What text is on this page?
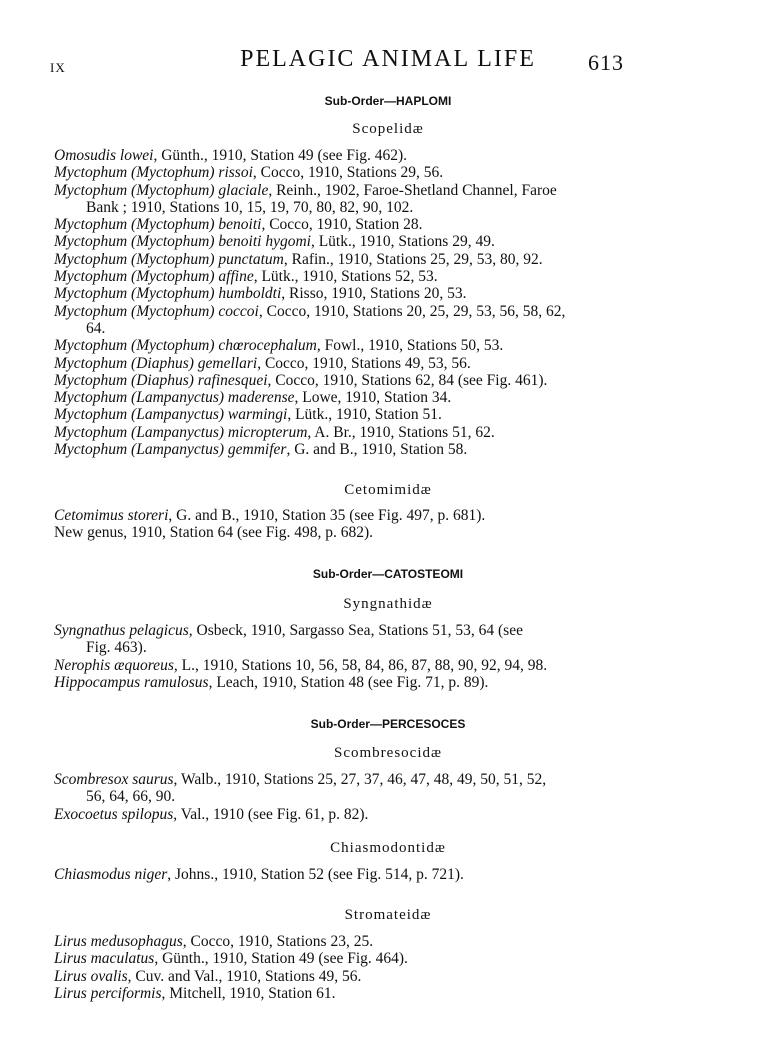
IX	PELAGIC ANIMAL LIFE	613
Sub-Order—HAPLOMI
Scopelidæ
Omosudis lowei, Günth., 1910, Station 49 (see Fig. 462).
Myctophum (Myctophum) rissoi, Cocco, 1910, Stations 29, 56.
Myctophum (Myctophum) glaciale, Reinh., 1902, Faroe-Shetland Channel, Faroe
Bank ; 1910, Stations 10, 15, 19, 70, 80, 82, 90, 102.
Myctophum (Myctophum) benoiti, Cocco, 1910, Station 28.
Myctophum (Myctophum) benoiti hygomi, Lütk., 1910, Stations 29, 49.
Myctophum (Myctophum) punctatum, Rafin., 1910, Stations 25, 29, 53, 80, 92.
Myctophum (Myctophum) affine, Lütk., 1910, Stations 52, 53.
Myctophum (Myctophum) humboldti, Risso, 1910, Stations 20, 53.
Myctophum (Myctophum) coccoi, Cocco, 1910, Stations 20, 25, 29, 53, 56, 58, 62,
64.
Myctophum (Myctophum) chœrocephalum, Fowl., 1910, Stations 50, 53.
Myctophum (Diaphus) gemellari, Cocco, 1910, Stations 49, 53, 56.
Myctophum (Diaphus) rafinesquei, Cocco, 1910, Stations 62, 84 (see Fig. 461).
Myctophum (Lampanyctus) maderense, Lowe, 1910, Station 34.
Myctophum (Lampanyctus) warmingi, Lütk., 1910, Station 51.
Myctophum (Lampanyctus) micropterum, A. Br., 1910, Stations 51, 62.
Myctophum (Lampanyctus) gemmifer, G. and B., 1910, Station 58.
Cetomimidæ
Cetomimus storeri, G. and B., 1910, Station 35 (see Fig. 497, p. 681).
New genus, 1910, Station 64 (see Fig. 498, p. 682).
Sub-Order—CATOSTEOMI
Syngnathidæ
Syngnathus pelagicus, Osbeck, 1910, Sargasso Sea, Stations 51, 53, 64 (see
Fig. 463).
Nerophis æquoreus, L., 1910, Stations 10, 56, 58, 84, 86, 87, 88, 90, 92, 94, 98.
Hippocampus ramulosus, Leach, 1910, Station 48 (see Fig. 71, p. 89).
Sub-Order—PERCESOCES
Scombresocidæ
Scombresox saurus, Walb., 1910, Stations 25, 27, 37, 46, 47, 48, 49, 50, 51, 52,
56, 64, 66, 90.
Exocoetus spilopus, Val., 1910 (see Fig. 61, p. 82).
Chiasmodontidæ
Chiasmodus niger, Johns., 1910, Station 52 (see Fig. 514, p. 721).
Stromateidæ
Lirus medusophagus, Cocco, 1910, Stations 23, 25.
Lirus maculatus, Günth., 1910, Station 49 (see Fig. 464).
Lirus ovalis, Cuv. and Val., 1910, Stations 49, 56.
Lirus perciformis, Mitchell, 1910, Station 61.
